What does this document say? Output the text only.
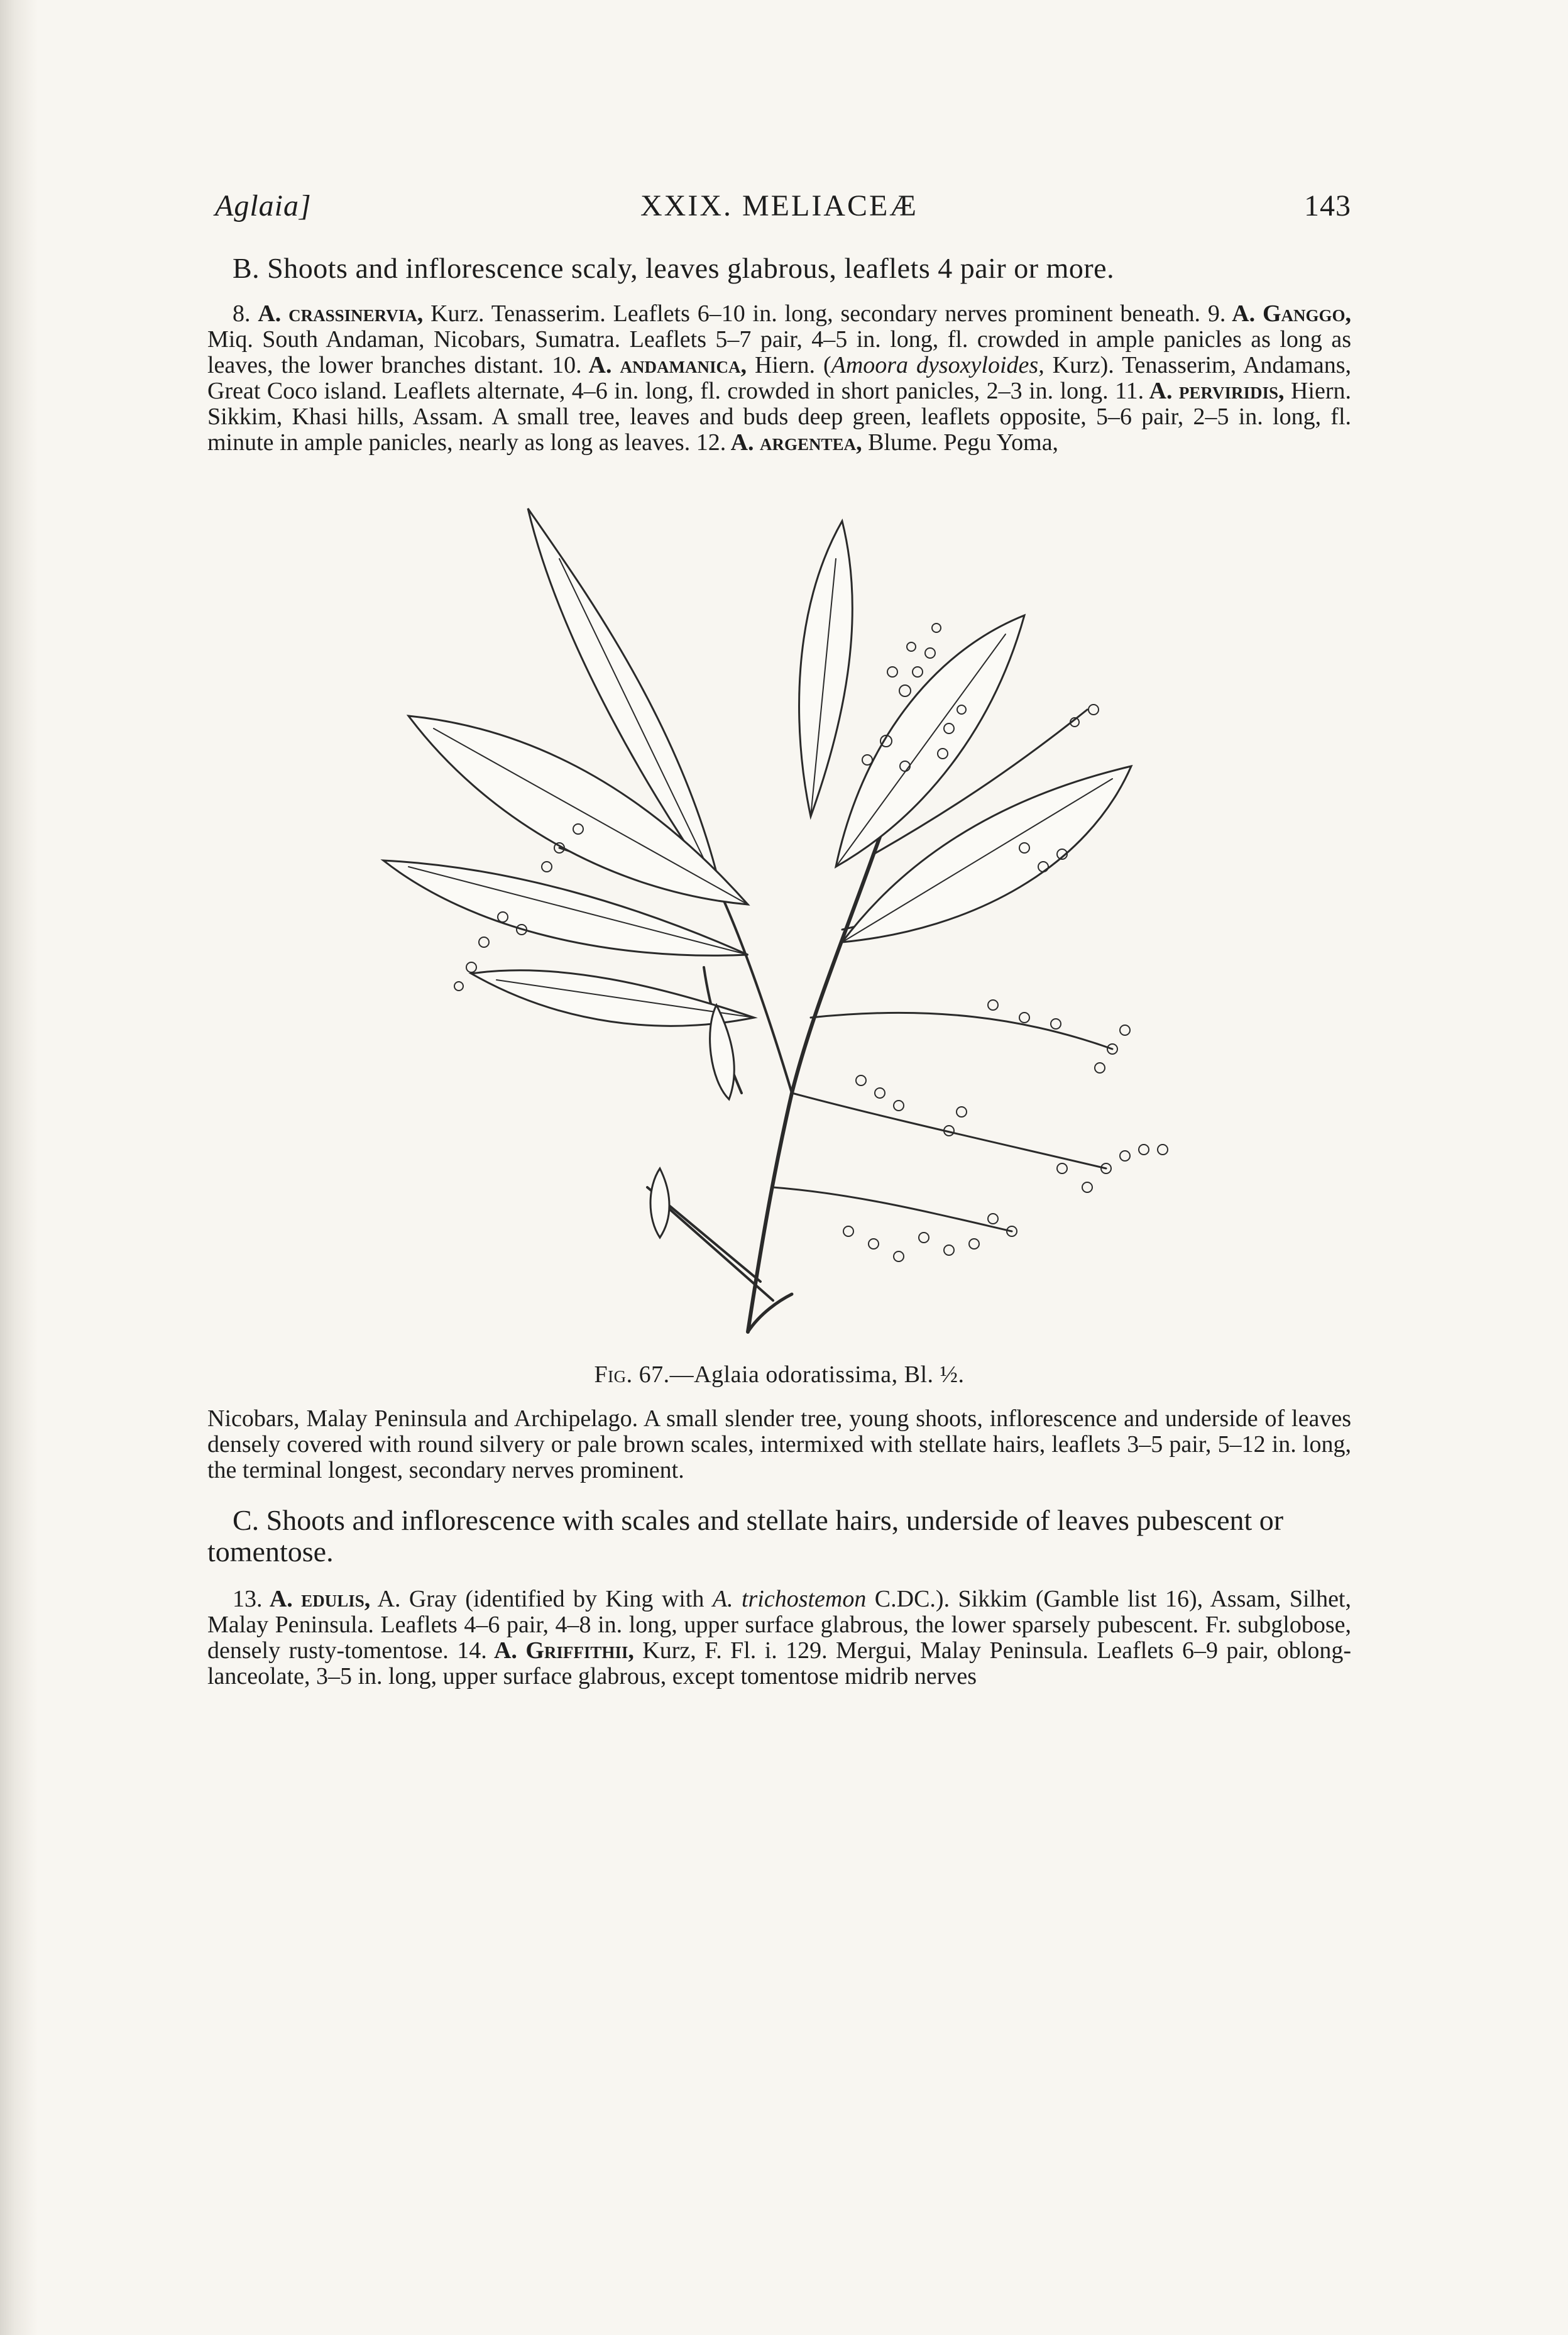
Aglaia]	XXIX. MELIACEÆ	143
B. Shoots and inflorescence scaly, leaves glabrous, leaflets 4 pair or more.

8. A. crassinervia, Kurz. Tenasserim. Leaflets 6–10 in. long, secondary nerves prominent beneath. 9. A. Ganggo, Miq. South Andaman, Nicobars, Sumatra. Leaflets 5–7 pair, 4–5 in. long, fl. crowded in ample panicles as long as leaves, the lower branches distant. 10. A. andamanica, Hiern. (Amoora dysoxyloides, Kurz). Tenasserim, Andamans, Great Coco island. Leaflets alternate, 4–6 in. long, fl. crowded in short panicles, 2–3 in. long. 11. A. perviridis, Hiern. Sikkim, Khasi hills, Assam. A small tree, leaves and buds deep green, leaflets opposite, 5–6 pair, 2–5 in. long, fl. minute in ample panicles, nearly as long as leaves. 12. A. argentea, Blume. Pegu Yoma,

Fig. 67.—Aglaia odoratissima, Bl. ½.

Nicobars, Malay Peninsula and Archipelago. A small slender tree, young shoots, inflorescence and underside of leaves densely covered with round silvery or pale brown scales, intermixed with stellate hairs, leaflets 3–5 pair, 5–12 in. long, the terminal longest, secondary nerves prominent.

C. Shoots and inflorescence with scales and stellate hairs, underside of leaves pubescent or tomentose.

13. A. edulis, A. Gray (identified by King with A. trichostemon C.DC.). Sikkim (Gamble list 16), Assam, Silhet, Malay Peninsula. Leaflets 4–6 pair, 4–8 in. long, upper surface glabrous, the lower sparsely pubescent. Fr. subglobose, densely rusty-tomentose. 14. A. Griffithii, Kurz, F. Fl. i. 129. Mergui, Malay Peninsula. Leaflets 6–9 pair, oblong-lanceolate, 3–5 in. long, upper surface glabrous, except tomentose midrib nerves
